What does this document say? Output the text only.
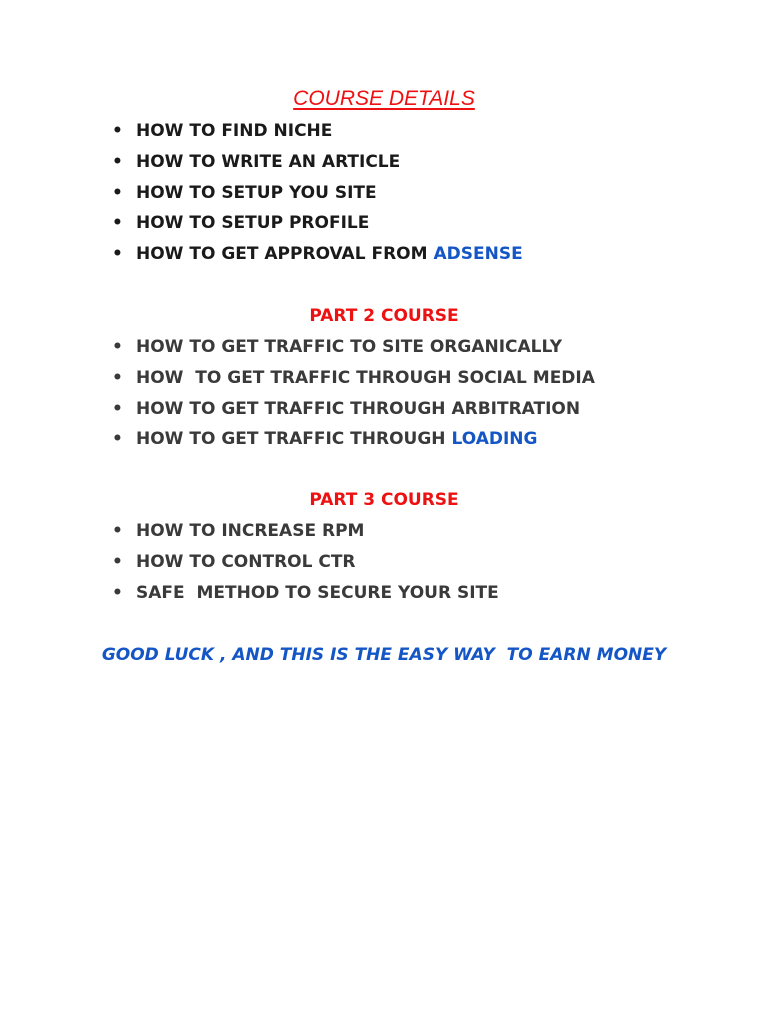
COURSE DETAILS
• HOW TO FIND NICHE
• HOW TO WRITE AN ARTICLE
• HOW TO SETUP YOU SITE
• HOW TO SETUP PROFILE
• HOW TO GET APPROVAL FROM ADSENSE
PART 2 COURSE
• HOW TO GET TRAFFIC TO SITE ORGANICALLY
• HOW  TO GET TRAFFIC THROUGH SOCIAL MEDIA
• HOW TO GET TRAFFIC THROUGH ARBITRATION
• HOW TO GET TRAFFIC THROUGH LOADING
PART 3 COURSE
• HOW TO INCREASE RPM
• HOW TO CONTROL CTR
• SAFE  METHOD TO SECURE YOUR SITE
GOOD LUCK , AND THIS IS THE EASY WAY  TO EARN MONEY
